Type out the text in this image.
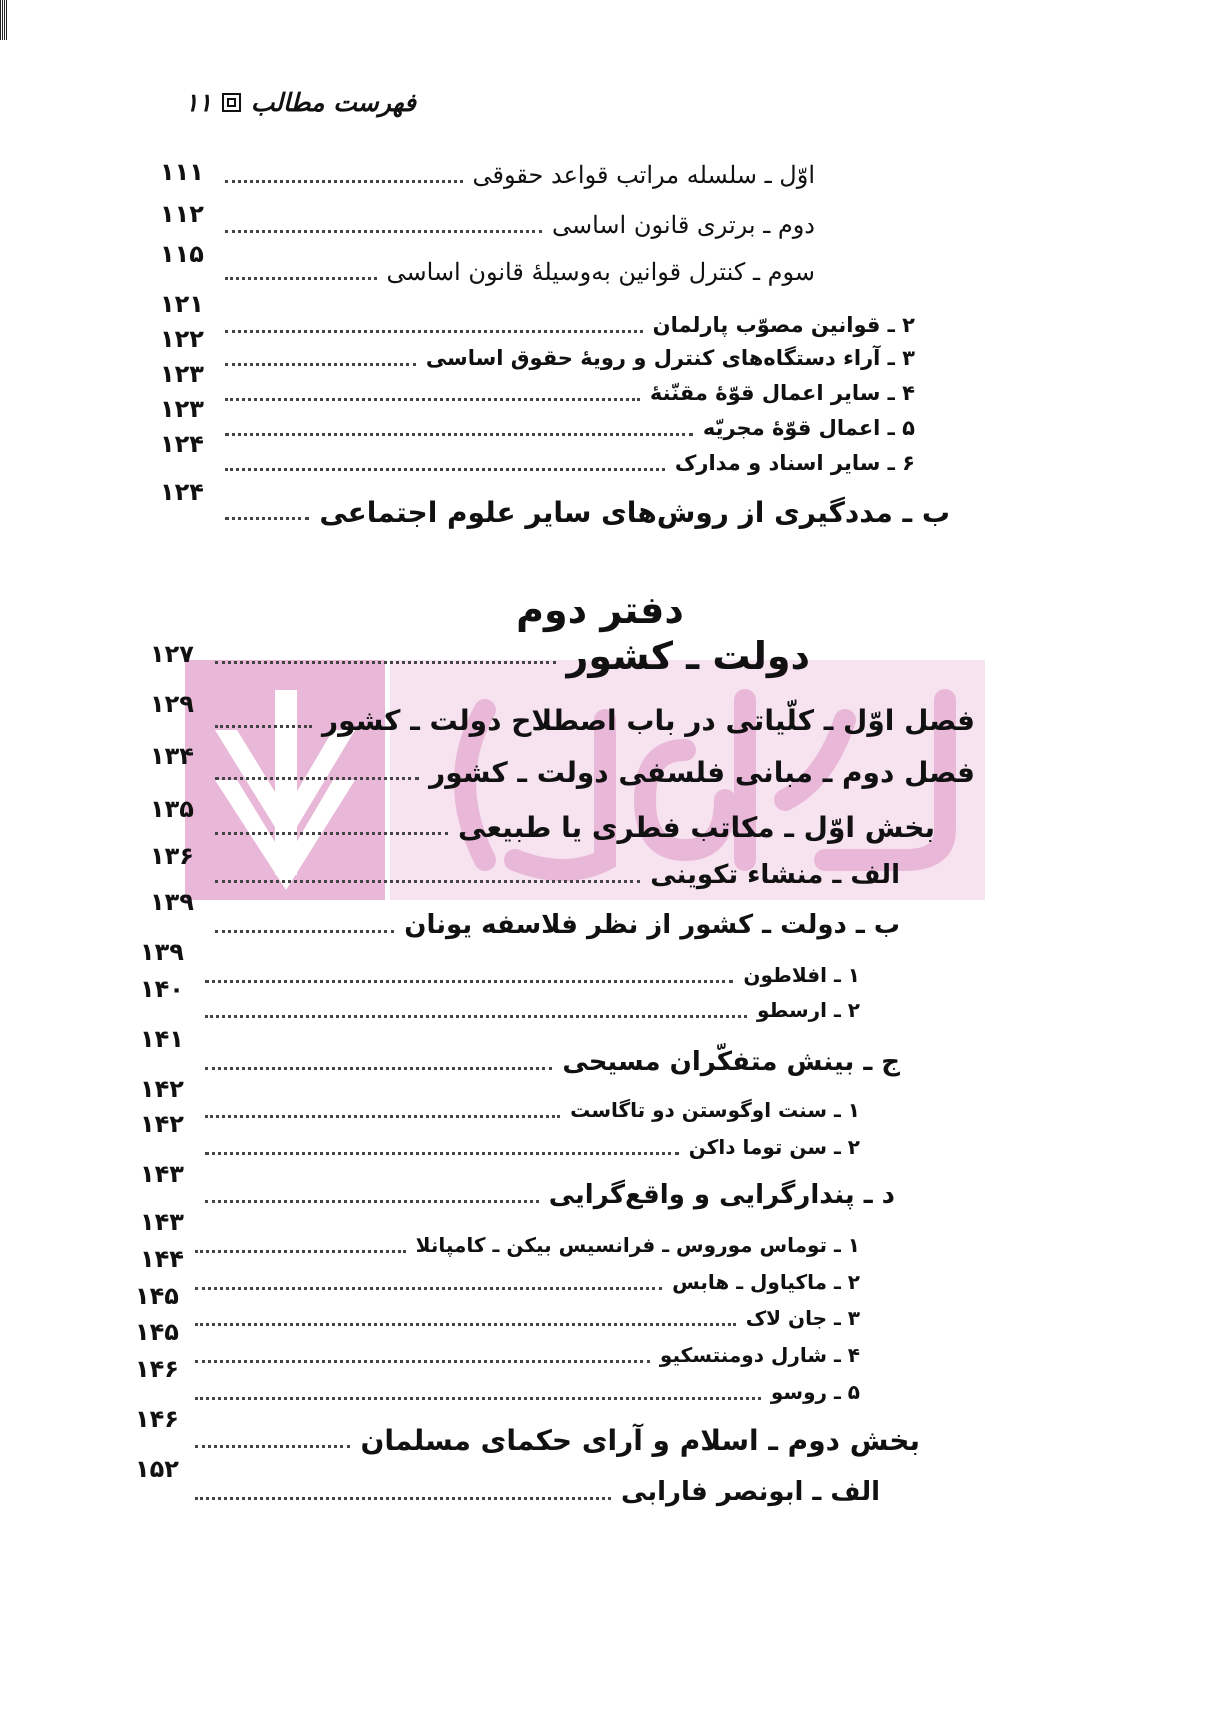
فهرست مطالب
۱۱
اوّل ـ سلسله مراتب قواعد حقوقی
۱۱۱
دوم ـ برتری قانون اساسی
۱۱۲
سوم ـ کنترل قوانین به‌وسیلهٔ قانون اساسی
۱۱۵
۲ ـ قوانین مصوّب پارلمان
۱۲۱
۳ ـ آراء دستگاه‌های کنترل و رویهٔ حقوق اساسی
۱۲۲
۴ ـ سایر اعمال قوّهٔ مقنّنهٔ
۱۲۳
۵ ـ اعمال قوّهٔ مجریّه
۱۲۳
۶ ـ سایر اسناد و مدارک
۱۲۴
ب ـ مددگیری از روش‌های سایر علوم اجتماعی
۱۲۴
دفتر دوم
دولت ـ کشور
۱۲۷
فصل اوّل ـ کلّیاتی در باب اصطلاح دولت ـ کشور
۱۲۹
فصل دوم ـ مبانی فلسفی دولت ـ کشور
۱۳۴
بخش اوّل ـ مکاتب فطری یا طبیعی
۱۳۵
الف ـ منشاء تکوینی
۱۳۶
ب ـ دولت ـ کشور از نظر فلاسفه یونان
۱۳۹
۱ ـ افلاطون
۱۳۹
۲ ـ ارسطو
۱۴۰
ج ـ بینش متفکّران مسیحی
۱۴۱
۱ ـ سنت اوگوستن دو تاگاست
۱۴۲
۲ ـ سن توما داکن
۱۴۲
د ـ پندارگرایی و واقع‌گرایی
۱۴۳
۱ ـ توماس موروس ـ فرانسیس بیکن ـ کامپانلا
۱۴۳
۲ ـ ماکیاول ـ هابس
۱۴۴
۳ ـ جان لاک
۱۴۵
۴ ـ شارل دومنتسکیو
۱۴۵
۵ ـ روسو
۱۴۶
بخش دوم ـ اسلام و آرای حکمای مسلمان
۱۴۶
الف ـ ابونصر فارابی
۱۵۲
